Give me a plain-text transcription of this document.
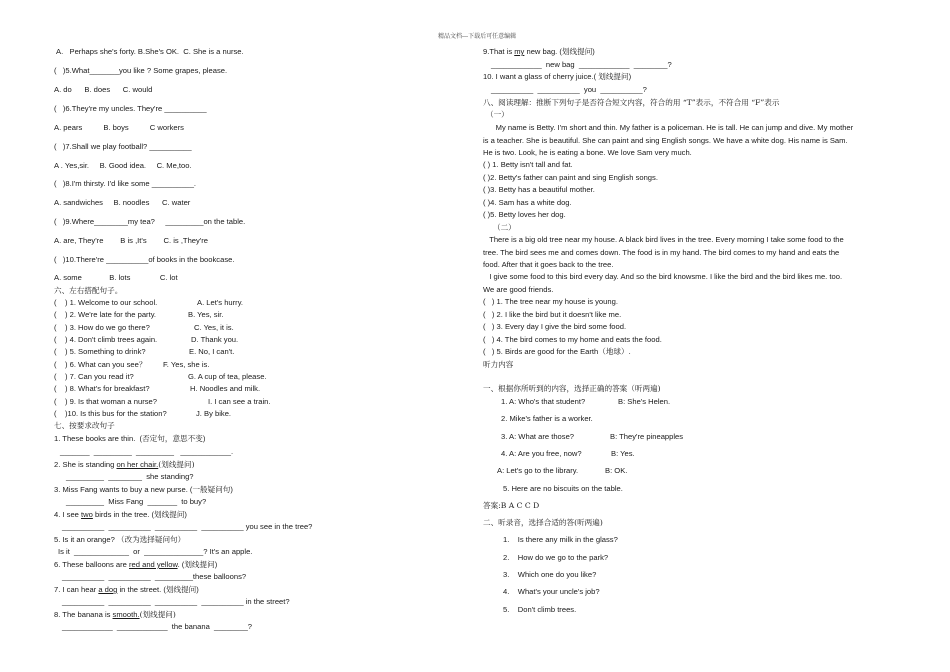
精品文档---下载后可任意编辑
A.   Perhaps she's forty. B.She's OK.  C. She is a nurse.
(   )5.What_______you like ? Some grapes, please.
A. do      B. does      C. would
(   )6.They're my uncles. They're __________
A. pears          B. boys          C workers
(   )7.Shall we play football? __________
A . Yes,sir.     B. Good idea.     C. Me,too.
(   )8.I'm thirsty. I'd like some __________.
A. sandwiches     B. noodles      C. water
(   )9.Where________my tea?     _________on the table.
A. are, They're        B is ,It's        C. is ,They're
(   )10.There're __________of books in the bookcase.
A. some             B. lots              C. lot
六、左右搭配句子。
(    ) 1. Welcome to our school.	A. Let's hurry.
(    ) 2. We're late for the party.	B. Yes, sir.
(    ) 3. How do we go there?	C. Yes, it is.
(    ) 4. Don't climb trees again.	D. Thank you.
(    ) 5. Something to drink?	E. No, I can't.
(    ) 6. What can you see？ F. Yes, she is.
(    ) 7. Can you read it?	G. A cup of tea, please.
(    ) 8. What's for breakfast?	H. Noodles and milk.
(    ) 9. Is that woman a nurse?	I. I can see a train.
(    )10. Is this bus for the station?	J. By bike.
七、按要求改句子
1. These books are thin.  (否定句，意思不变)
_______  _________  _________   ____________.
2. She is standing on her chair.(划线提问)
_________  ________  she standing?
3. Miss Fang wants to buy a new purse. (一般疑问句)
_________  Miss Fang  _______  to buy?
4. I see two birds in the tree. (划线提问)
__________  __________  __________  __________ you see in the tree?
5. Is it an orange? （改为选择疑问句）
Is it  _____________  or  ______________? It's an apple.
6. These balloons are red and yellow. (划线提问)
__________  __________  _________these balloons?
7. I can hear a dog in the street. (划线提问)
__________  __________  __________  __________ in the street?
8. The banana is smooth.(划线提问)
____________  ____________  the banana  ________?
9.That is my new bag. (划线提问)
____________  new bag  ____________  ________?
10. I want a glass of cherry juice.( 划线提问)
__________  __________  you  __________?
八、阅读理解：推断下列句子是否符合短文内容，符合的用 “T”表示，不符合用 “F”表示
（一）
My name is Betty. I'm short and thin. My father is a policeman. He is tall. He can jump and dive. My mother
is a teacher. She is beautiful. She can paint and sing English songs. We have a white dog. His name is Sam.
He is two. Look, he is eating a bone. We love Sam very much.
( ) 1. Betty isn't tall and fat.
( )2. Betty's father can paint and sing English songs.
( )3. Betty has a beautiful mother.
( )4. Sam has a white dog.
( )5. Betty loves her dog.
（二）
There is a big old tree near my house. A black bird lives in the tree. Every morning I take some food to the
tree. The bird sees me and comes down. The food is in my hand. The bird comes to my hand and eats the
food. After that it goes back to the tree.
I give some food to this bird every day. And so the bird knowsme. I like the bird and the bird likes me. too.
We are good friends.
(   ) 1. The tree near my house is young.
(   ) 2. I like the bird but it doesn't like me.
(   ) 3. Every day I give the bird some food.
(   ) 4. The bird comes to my home and eats the food.
(   ) 5. Birds are good for the Earth（地球）.
听力内容
一、根据你所听到的内容，选择正确的答案（听两遍)
1. A: Who's that student?	B: She's Helen.
2. Mike's father is a worker.
3. A: What are those?	B: They're pineapples
4. A: Are you free, now?	B: Yes.
A: Let's go to the library.	B: OK.
5. Here are no biscuits on the table.
答案:B A C C D
二、听录音，选择合适的答(听两遍)
1.    Is there any milk in the glass?
2.    How do we go to the park?
3.    Which one do you like?
4.    What's your uncle's job?
5.    Don't climb trees.
